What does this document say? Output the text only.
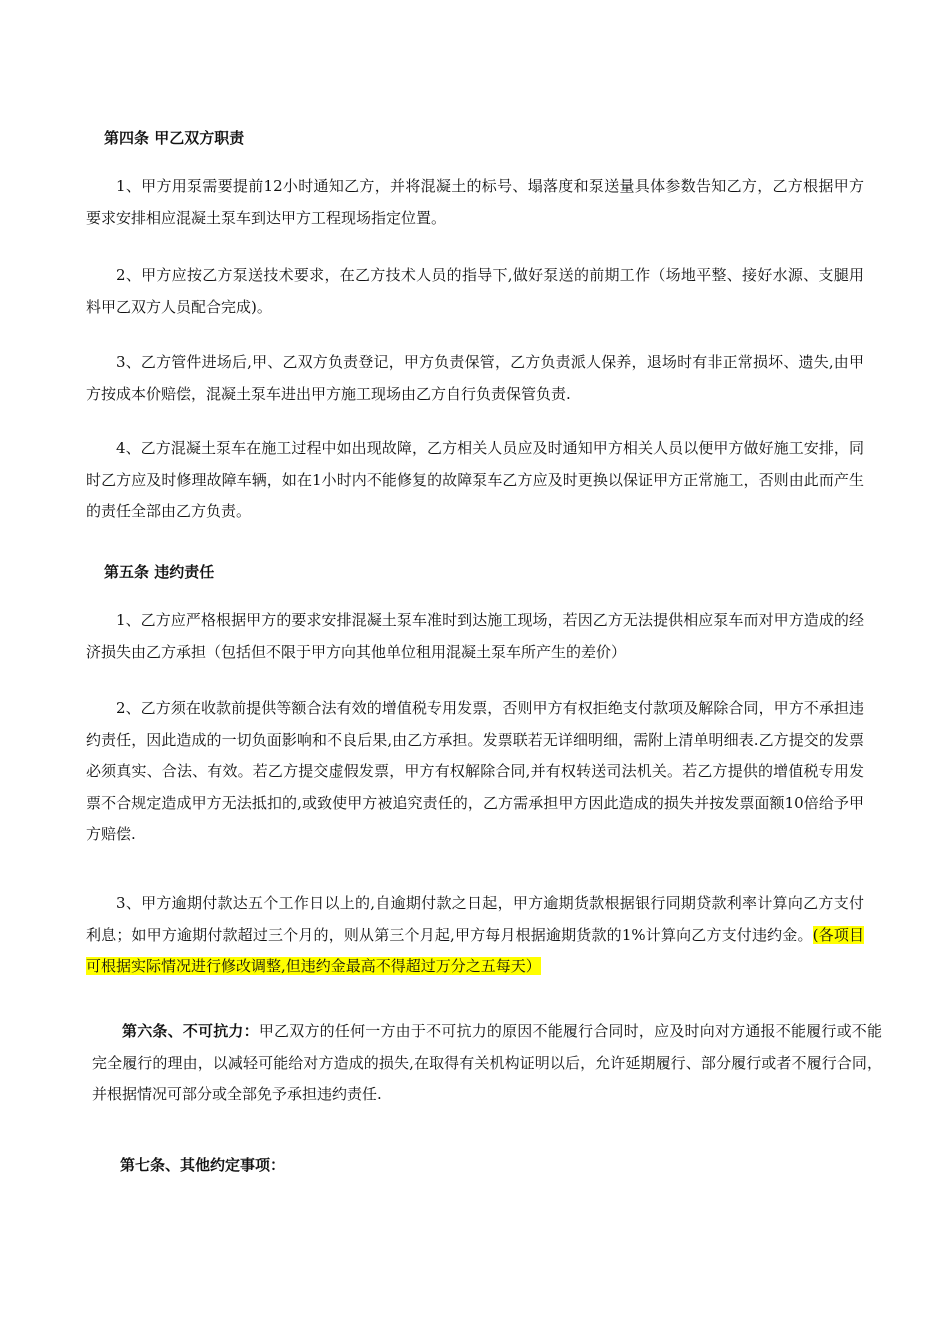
第四条 甲乙双方职责
1、甲方用泵需要提前12小时通知乙方，并将混凝土的标号、塌落度和泵送量具体参数告知乙方，乙方根据甲方要求安排相应混凝土泵车到达甲方工程现场指定位置。
2、甲方应按乙方泵送技术要求，在乙方技术人员的指导下,做好泵送的前期工作（场地平整、接好水源、支腿用料甲乙双方人员配合完成)。
3、乙方管件进场后,甲、乙双方负责登记，甲方负责保管，乙方负责派人保养，退场时有非正常损坏、遗失,由甲方按成本价赔偿，混凝土泵车进出甲方施工现场由乙方自行负责保管负责.
4、乙方混凝土泵车在施工过程中如出现故障，乙方相关人员应及时通知甲方相关人员以便甲方做好施工安排，同时乙方应及时修理故障车辆，如在1小时内不能修复的故障泵车乙方应及时更换以保证甲方正常施工，否则由此而产生的责任全部由乙方负责。
第五条 违约责任
1、乙方应严格根据甲方的要求安排混凝土泵车准时到达施工现场，若因乙方无法提供相应泵车而对甲方造成的经济损失由乙方承担（包括但不限于甲方向其他单位租用混凝土泵车所产生的差价）
2、乙方须在收款前提供等额合法有效的增值税专用发票，否则甲方有权拒绝支付款项及解除合同，甲方不承担违约责任，因此造成的一切负面影响和不良后果,由乙方承担。发票联若无详细明细，需附上清单明细表.乙方提交的发票必须真实、合法、有效。若乙方提交虚假发票，甲方有权解除合同,并有权转送司法机关。若乙方提供的增值税专用发票不合规定造成甲方无法抵扣的,或致使甲方被追究责任的，乙方需承担甲方因此造成的损失并按发票面额10倍给予甲方赔偿.
3、甲方逾期付款达五个工作日以上的,自逾期付款之日起，甲方逾期货款根据银行同期贷款利率计算向乙方支付利息；如甲方逾期付款超过三个月的，则从第三个月起,甲方每月根据逾期货款的1%计算向乙方支付违约金。(各项目可根据实际情况进行修改调整,但违约金最高不得超过万分之五每天）
第六条、不可抗力：甲乙双方的任何一方由于不可抗力的原因不能履行合同时，应及时向对方通报不能履行或不能完全履行的理由，以减轻可能给对方造成的损失,在取得有关机构证明以后，允许延期履行、部分履行或者不履行合同，并根据情况可部分或全部免予承担违约责任.
第七条、其他约定事项：
